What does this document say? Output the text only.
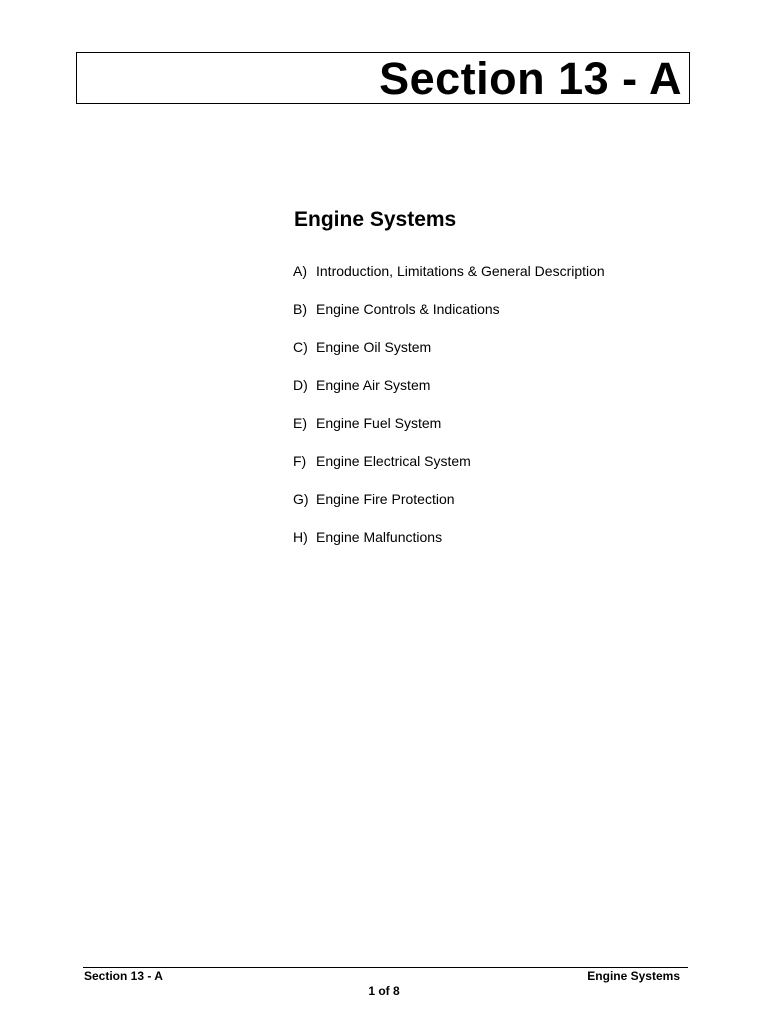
Section 13 - A
Engine Systems
A) Introduction, Limitations & General Description
B) Engine Controls & Indications
C) Engine Oil System
D) Engine Air System
E) Engine Fuel System
F) Engine Electrical System
G) Engine Fire Protection
H) Engine Malfunctions
Section 13 - A	Engine Systems
1 of 8
